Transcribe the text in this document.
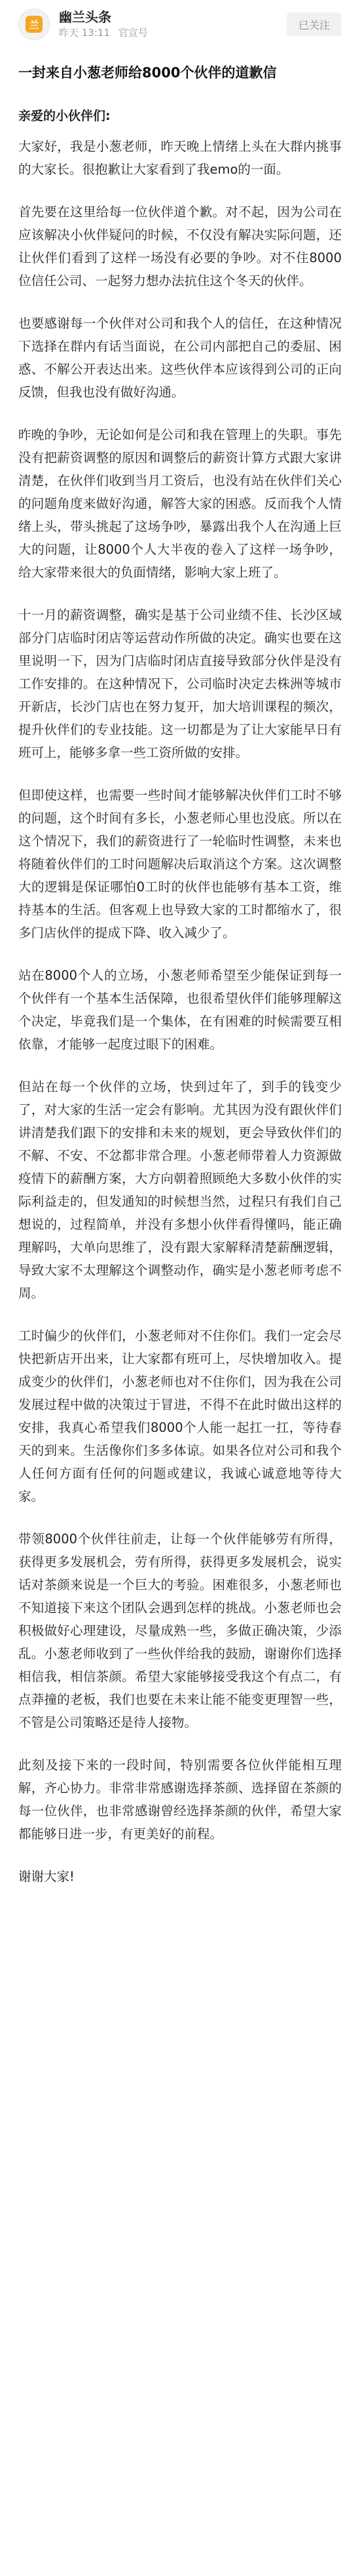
兰 幽兰头条
昨天 13:11 官宣号
已关注
一封来自小葱老师给8000个伙伴的道歉信
亲爱的小伙伴们:

大家好，我是小葱老师，昨天晚上情绪上头在大群内挑事的大家长。很抱歉让大家看到了我emo的一面。

首先要在这里给每一位伙伴道个歉。对不起，因为公司在应该解决小伙伴疑问的时候，不仅没有解决实际问题，还让伙伴们看到了这样一场没有必要的争吵。对不住8000位信任公司、一起努力想办法抗住这个冬天的伙伴。

也要感谢每一个伙伴对公司和我个人的信任，在这种情况下选择在群内有话当面说，在公司内部把自己的委屈、困惑、不解公开表达出来。这些伙伴本应该得到公司的正向反馈，但我也没有做好沟通。

昨晚的争吵，无论如何是公司和我在管理上的失职。事先没有把薪资调整的原因和调整后的薪资计算方式跟大家讲清楚，在伙伴们收到当月工资后，也没有站在伙伴们关心的问题角度来做好沟通，解答大家的困惑。反而我个人情绪上头，带头挑起了这场争吵，暴露出我个人在沟通上巨大的问题，让8000个人大半夜的卷入了这样一场争吵，给大家带来很大的负面情绪，影响大家上班了。

十一月的薪资调整，确实是基于公司业绩不佳、长沙区域部分门店临时闭店等运营动作所做的决定。确实也要在这里说明一下，因为门店临时闭店直接导致部分伙伴是没有工作安排的。在这种情况下，公司临时决定去株洲等城市开新店，长沙门店也在努力复开，加大培训课程的频次，提升伙伴们的专业技能。这一切都是为了让大家能早日有班可上，能够多拿一些工资所做的安排。

但即使这样，也需要一些时间才能够解决伙伴们工时不够的问题，这个时间有多长，小葱老师心里也没底。所以在这个情况下，我们的薪资进行了一轮临时性调整，未来也将随着伙伴们的工时问题解决后取消这个方案。这次调整大的逻辑是保证哪怕0工时的伙伴也能够有基本工资，维持基本的生活。但客观上也导致大家的工时都缩水了，很多门店伙伴的提成下降、收入减少了。

站在8000个人的立场，小葱老师希望至少能保证到每一个伙伴有一个基本生活保障，也很希望伙伴们能够理解这个决定，毕竟我们是一个集体，在有困难的时候需要互相依靠，才能够一起度过眼下的困难。

但站在每一个伙伴的立场，快到过年了，到手的钱变少了，对大家的生活一定会有影响。尤其因为没有跟伙伴们讲清楚我们跟下的安排和未来的规划，更会导致伙伴们的不解、不安、不忿都非常合理。小葱老师带着人力资源做疫情下的薪酬方案，大方向朝着照顾绝大多数小伙伴的实际利益走的，但发通知的时候想当然，过程只有我们自己想说的，过程简单，并没有多想小伙伴看得懂吗，能正确理解吗，大单向思维了，没有跟大家解释清楚薪酬逻辑，导致大家不太理解这个调整动作，确实是小葱老师考虑不周。

工时偏少的伙伴们，小葱老师对不住你们。我们一定会尽快把新店开出来，让大家都有班可上，尽快增加收入。提成变少的伙伴们，小葱老师也对不住你们，因为我在公司发展过程中做的决策过于冒进，不得不在此时做出这样的安排，我真心希望我们8000个人能一起扛一扛，等待春天的到来。生活像你们多多体谅。如果各位对公司和我个人任何方面有任何的问题或建议，我诚心诚意地等待大家。

带领8000个伙伴往前走，让每一个伙伴能够劳有所得，获得更多发展机会，劳有所得，获得更多发展机会，说实话对茶颜来说是一个巨大的考验。困难很多，小葱老师也不知道接下来这个团队会遇到怎样的挑战。小葱老师也会积极做好心理建设，尽量成熟一些，多做正确决策，少添乱。小葱老师收到了一些伙伴给我的鼓励，谢谢你们选择相信我，相信茶颜。希望大家能够接受我这个有点二，有点莽撞的老板，我们也要在未来让能不能变更理智一些，不管是公司策略还是待人接物。

此刻及接下来的一段时间，特别需要各位伙伴能相互理解，齐心协力。非常非常感谢选择茶颜、选择留在茶颜的每一位伙伴，也非常感谢曾经选择茶颜的伙伴，希望大家都能够日进一步，有更美好的前程。

谢谢大家!
